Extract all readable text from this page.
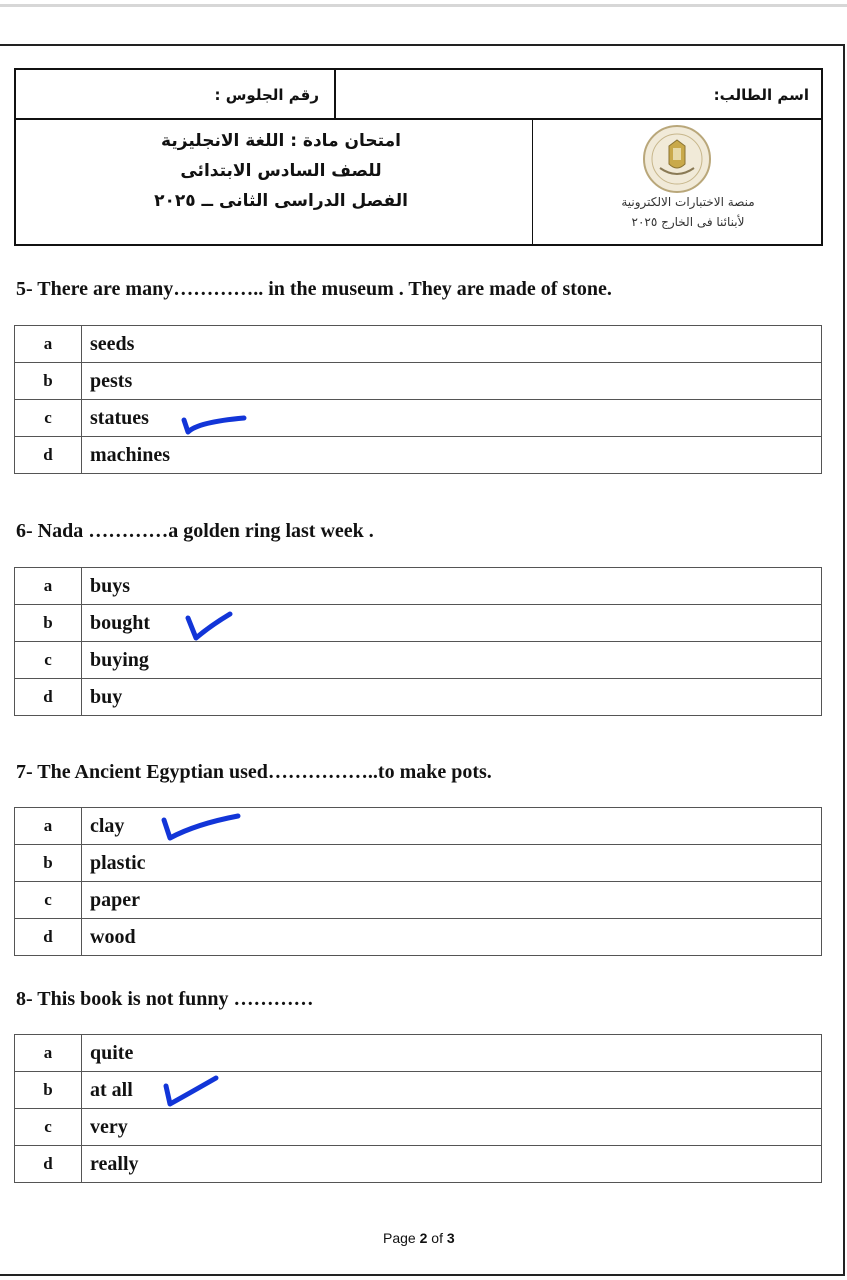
اسم الطالب:
رقم الجلوس :
امتحان مادة : اللغة الانجليزية
للصف السادس الابتدائى
الفصل الدراسى الثانى ــ ٢٠٢٥	منصة الاختبارات الالكترونية
لأبنائنا فى الخارج ٢٠٢٥
5- There are many………….. in the museum . They are made of stone.
a	seeds
b	pests
c	statues
d	machines
6- Nada …………a golden ring last week .
a	buys
b	bought
c	buying
d	buy
7- The Ancient Egyptian used……………..to make pots.
a	clay
b	plastic
c	paper
d	wood
8- This book is not funny …………
a	quite
b	at all
c	very
d	really
Page 2 of 3
